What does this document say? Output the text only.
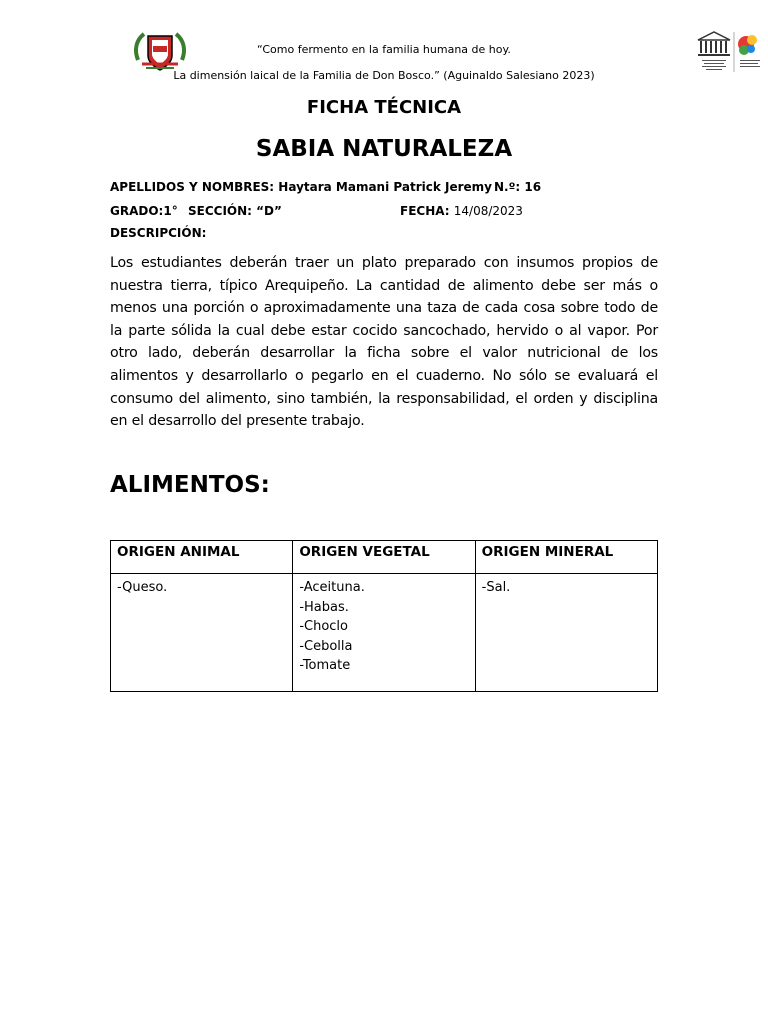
“Como fermento en la familia humana de hoy.
La dimensión laical de la Familia de Don Bosco.” (Aguinaldo Salesiano 2023)
FICHA TÉCNICA
SABIA NATURALEZA
APELLIDOS Y NOMBRES: Haytara Mamani Patrick Jeremy N.º: 16
GRADO:1° SECCIÓN: “D”	FECHA: 14/08/2023
DESCRIPCIÓN:
Los estudiantes deberán traer un plato preparado con insumos propios de nuestra tierra, típico Arequipeño. La cantidad de alimento debe ser más o menos una porción o aproximadamente una taza de cada cosa sobre todo de la parte sólida la cual debe estar cocido sancochado, hervido o al vapor. Por otro lado, deberán desarrollar la ficha sobre el valor nutricional de los alimentos y desarrollarlo o pegarlo en el cuaderno. No sólo se evaluará el consumo del alimento, sino también, la responsabilidad, el orden y disciplina en el desarrollo del presente trabajo.
ALIMENTOS:
ORIGEN ANIMAL	ORIGEN VEGETAL	ORIGEN MINERAL

-Queso.	-Aceituna.
-Habas.
-Choclo
-Cebolla
-Tomate	-Sal.
